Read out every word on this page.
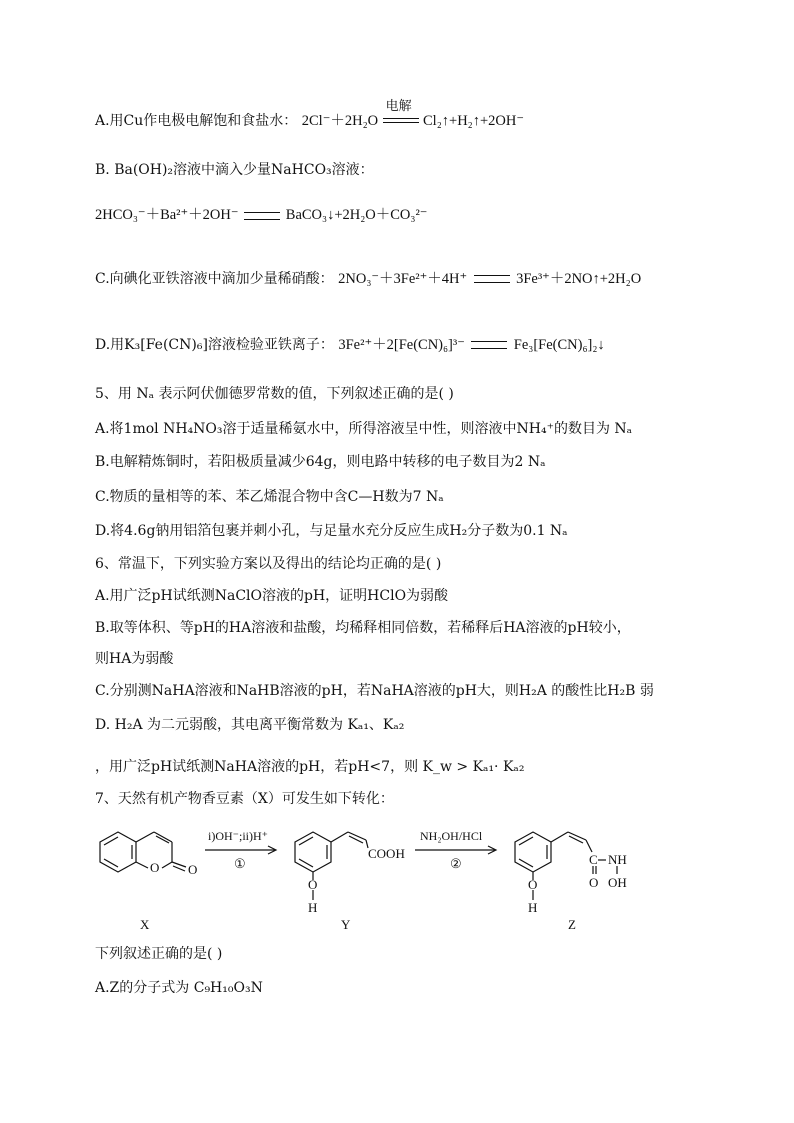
A.用Cu作电极电解饱和食盐水： 2Cl⁻＋2H₂O
电解
Cl₂↑+H₂↑+2OH⁻
B. Ba(OH)₂溶液中滴入少量NaHCO₃溶液：
2HCO₃⁻＋Ba²⁺＋2OH⁻	BaCO₃↓+2H₂O＋CO₃²⁻
C.向碘化亚铁溶液中滴加少量稀硝酸： 2NO₃⁻＋3Fe²⁺＋4H⁺	3Fe³⁺＋2NO↑+2H₂O
D.用K₃[Fe(CN)₆]溶液检验亚铁离子： 3Fe²⁺＋2[Fe(CN)₆]³⁻	Fe₃[Fe(CN)₆]₂↓
5、用 Nₐ 表示阿伏伽德罗常数的值，下列叙述正确的是( )
A.将1mol NH₄NO₃溶于适量稀氨水中，所得溶液呈中性，则溶液中NH₄⁺的数目为 Nₐ
B.电解精炼铜时，若阳极质量减少64g，则电路中转移的电子数目为2 Nₐ
C.物质的量相等的苯、苯乙烯混合物中含C—H数为7 Nₐ
D.将4.6g钠用铝箔包裹并刺小孔，与足量水充分反应生成H₂分子数为0.1 Nₐ
6、常温下，下列实验方案以及得出的结论均正确的是( )
A.用广泛pH试纸测NaClO溶液的pH，证明HClO为弱酸
B.取等体积、等pH的HA溶液和盐酸，均稀释相同倍数，若稀释后HA溶液的pH较小，
则HA为弱酸
C.分别测NaHA溶液和NaHB溶液的pH，若NaHA溶液的pH大，则H₂A 的酸性比H₂B 弱
D. H₂A 为二元弱酸，其电离平衡常数为 Kₐ₁、Kₐ₂
，用广泛pH试纸测NaHA溶液的pH，若pH<7，则 K_w > Kₐ₁· Kₐ₂
7、天然有机产物香豆素（X）可发生如下转化：
O O
i)OH⁻;ii)H⁺
①
COOH
O
H
NH₂OH/HCl
②	C NH
O OH
O
H
X	Y	Z
下列叙述正确的是( )
A.Z的分子式为 C₉H₁₀O₃N
